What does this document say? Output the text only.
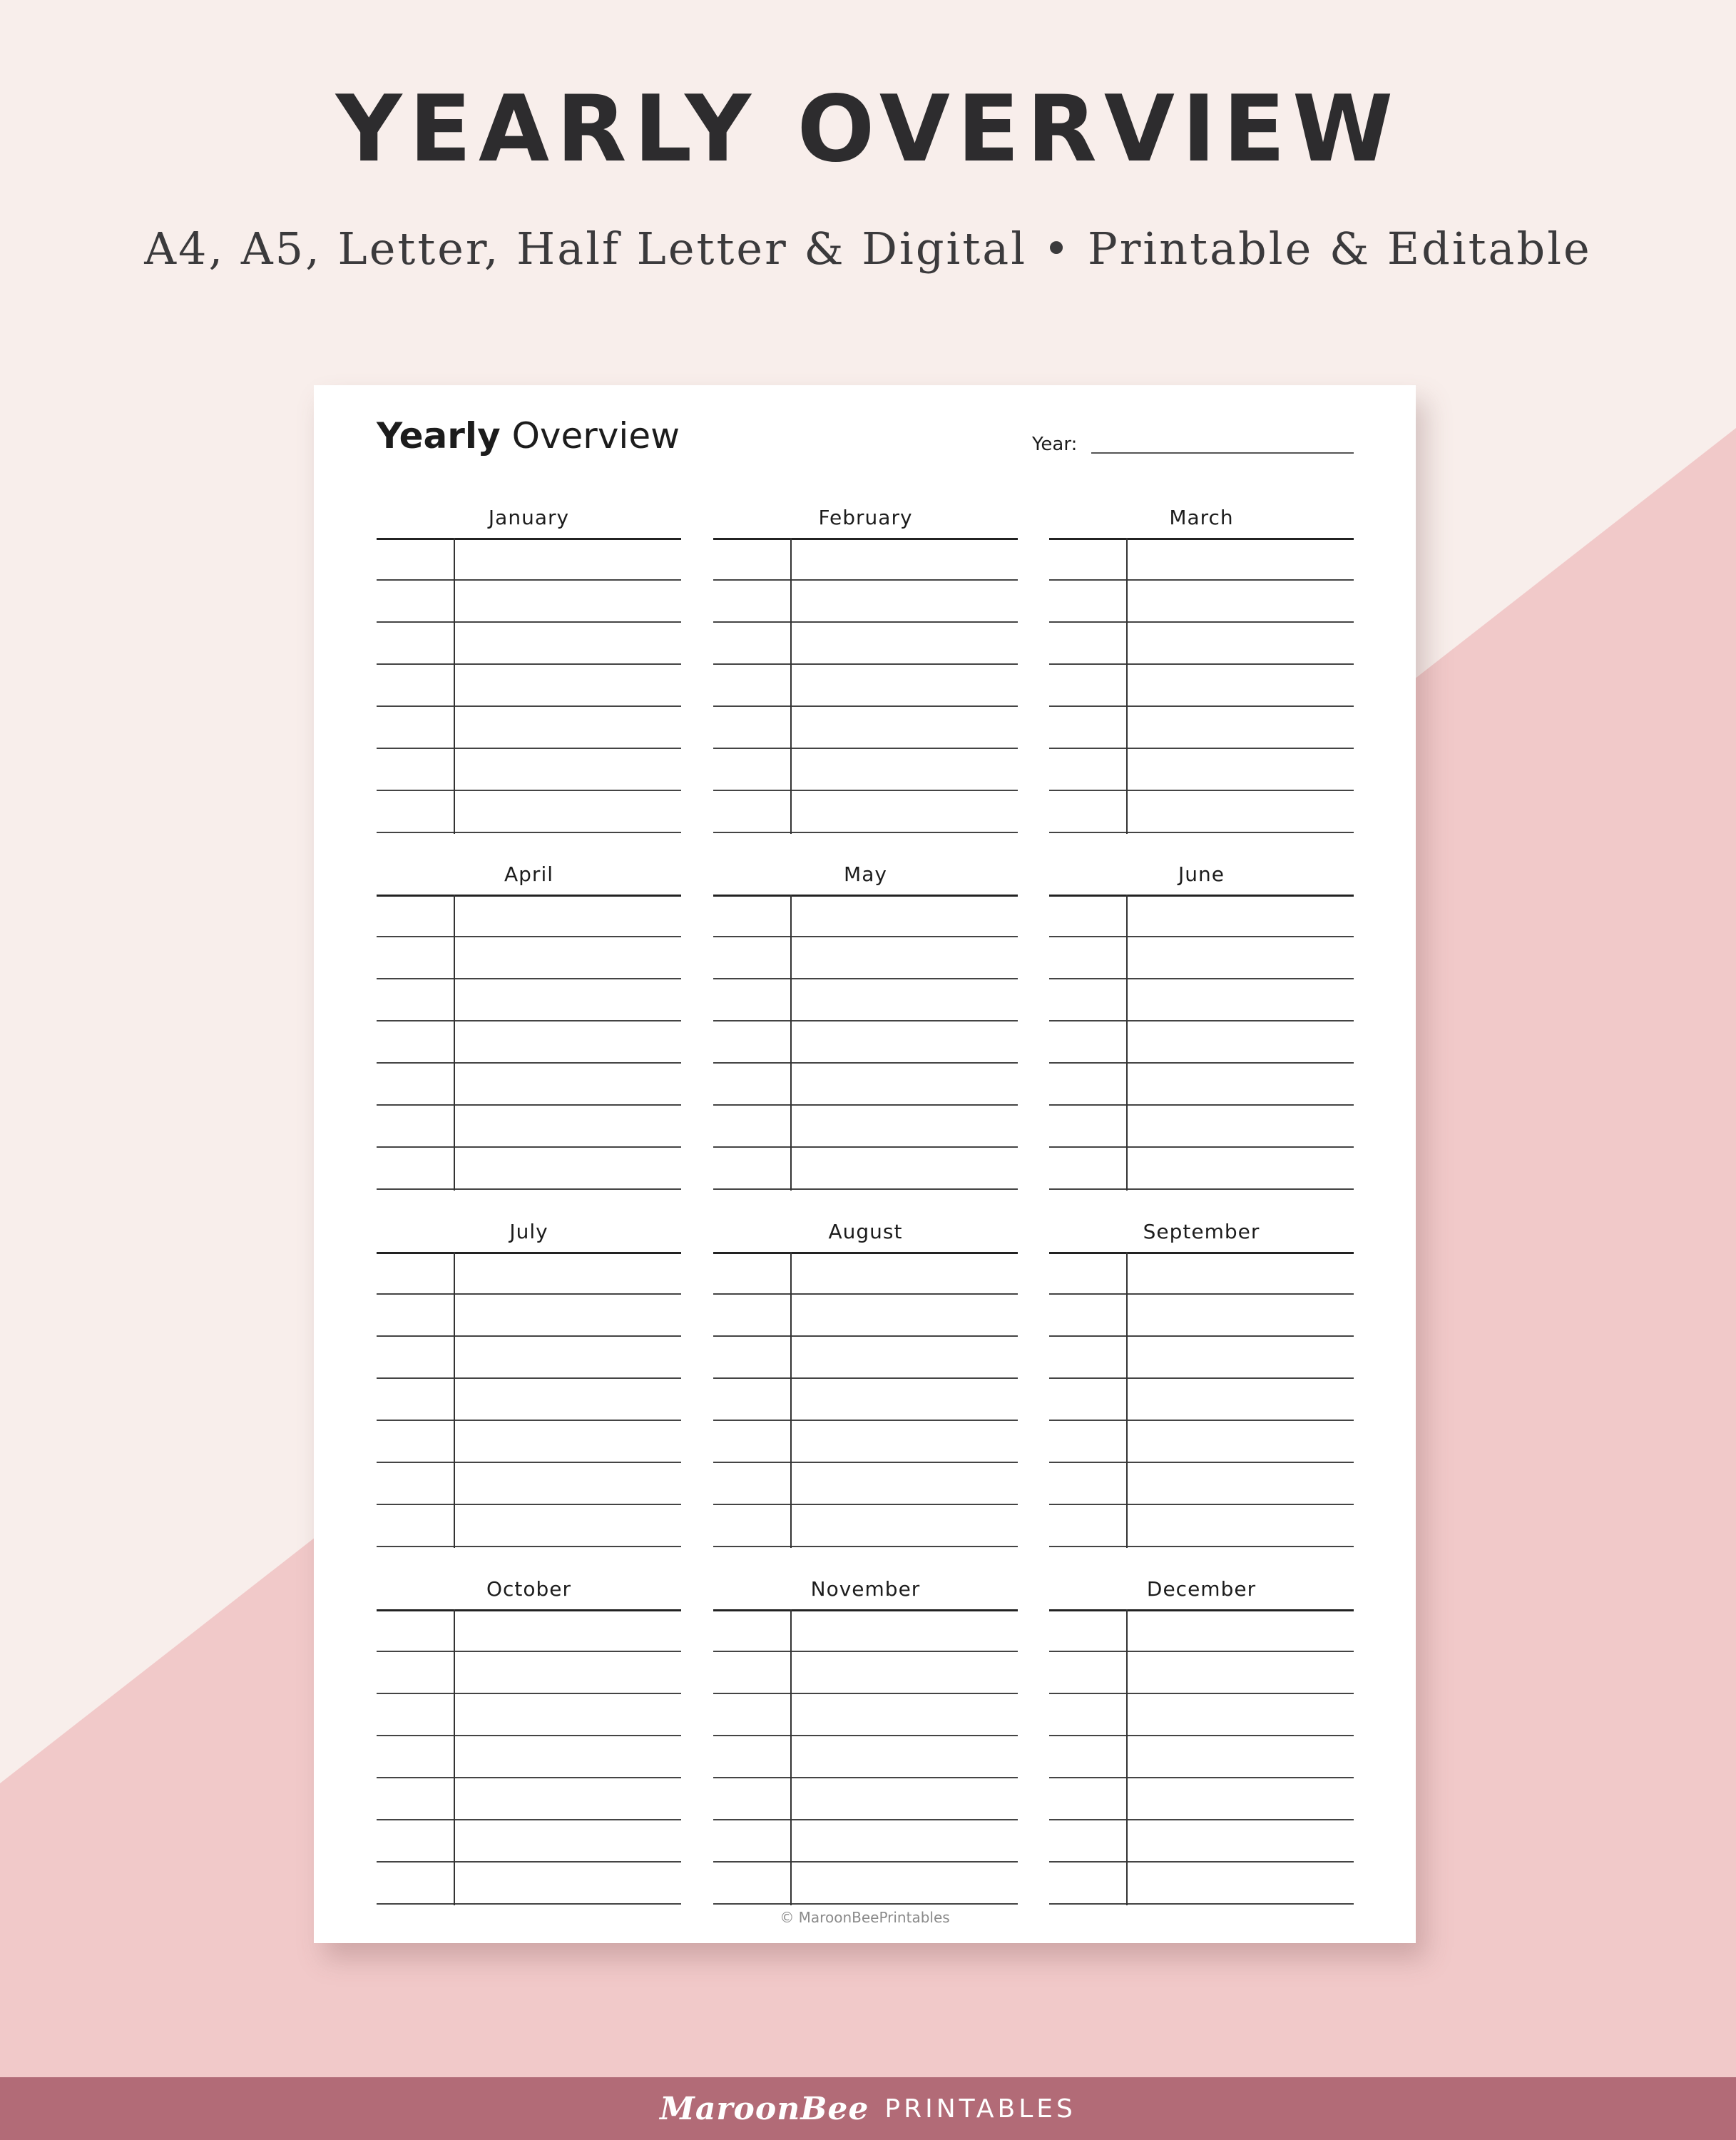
YEARLY OVERVIEW
A4, A5, Letter, Half Letter & Digital • Printable & Editable
Yearly Overview	Year:
January	February	March
April	May	June
July	August	September
October	November	December
© MaroonBeePrintables
MaroonBee PRINTABLES
